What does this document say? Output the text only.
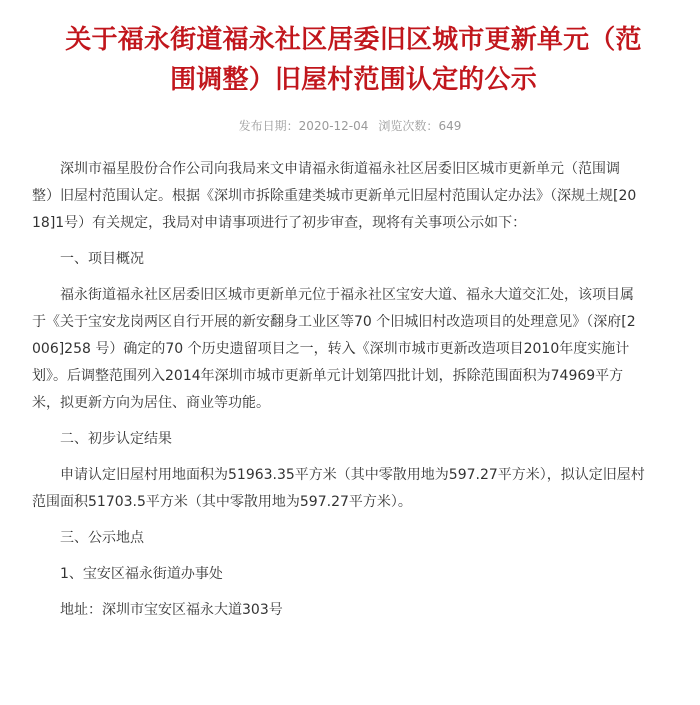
关于福永街道福永社区居委旧区城市更新单元（范
围调整）旧屋村范围认定的公示
发布日期：2020-12-04 浏览次数：649

深圳市福星股份合作公司向我局来文申请福永街道福永社区居委旧区城市更新单元（范围调
整）旧屋村范围认定。根据《深圳市拆除重建类城市更新单元旧屋村范围认定办法》（深规土规[20
18]1号）有关规定，我局对申请事项进行了初步审查，现将有关事项公示如下：

一、项目概况

福永街道福永社区居委旧区城市更新单元位于福永社区宝安大道、福永大道交汇处，该项目属
于《关于宝安龙岗两区自行开展的新安翻身工业区等70 个旧城旧村改造项目的处理意见》（深府[2
006]258 号）确定的70 个历史遗留项目之一，转入《深圳市城市更新改造项目2010年度实施计
划》。后调整范围列入2014年深圳市城市更新单元计划第四批计划，拆除范围面积为74969平方
米，拟更新方向为居住、商业等功能。

二、初步认定结果

申请认定旧屋村用地面积为51963.35平方米（其中零散用地为597.27平方米），拟认定旧屋村
范围面积51703.5平方米（其中零散用地为597.27平方米）。

三、公示地点

1、宝安区福永街道办事处

地址：深圳市宝安区福永大道303号
